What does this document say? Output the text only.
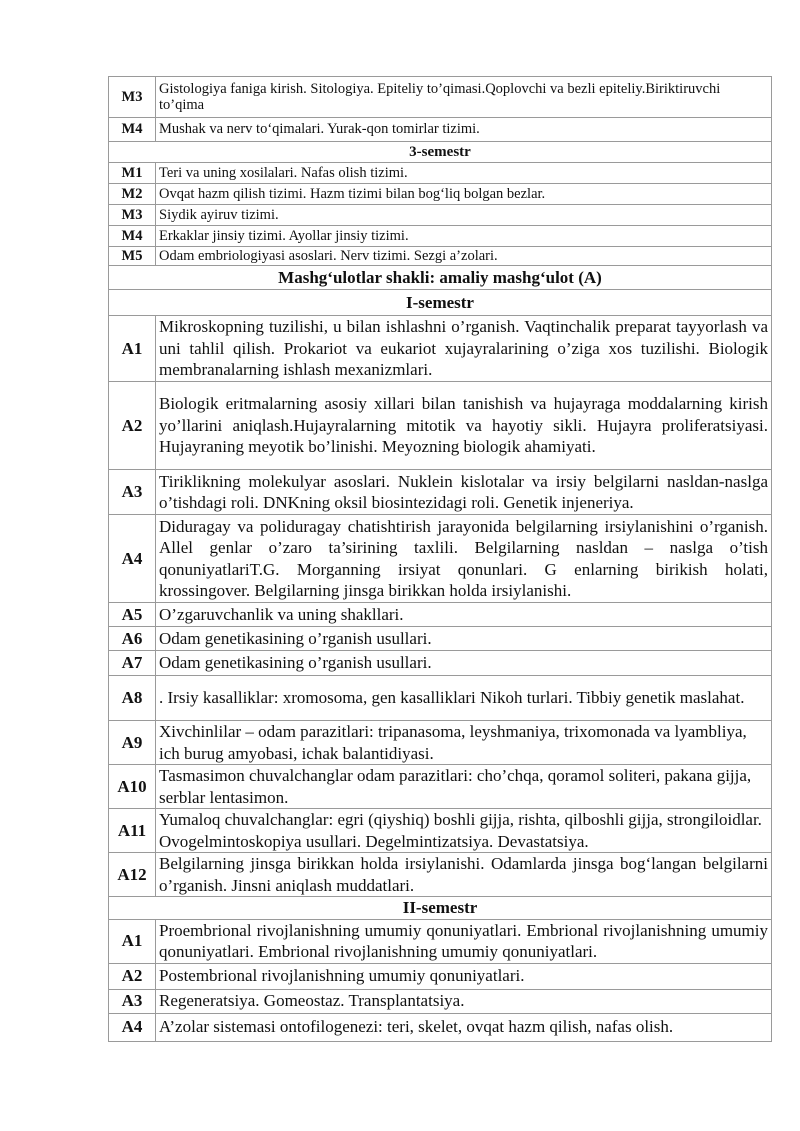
M3	Gistologiya faniga kirish. Sitologiya. Epiteliy to’qimasi.Qoplovchi va bezli epiteliy.Biriktiruvchi to’qima
M4	Mushak va nerv to‘qimalari. Yurak-qon tomirlar tizimi.
3-semestr	
M1	Teri va uning xosilalari. Nafas olish tizimi.
M2	Ovqat hazm qilish tizimi. Hazm tizimi bilan bog‘liq bolgan bezlar.
M3	Siydik ayiruv tizimi.
M4	Erkaklar jinsiy tizimi. Ayollar jinsiy tizimi.
M5	Odam embriologiyasi asoslari. Nerv tizimi. Sezgi a’zolari.
Mashg‘ulotlar shakli: amaliy mashg‘ulot (A)	
I-semestr	
A1	Mikroskopning tuzilishi, u bilan ishlashni o’rganish. Vaqtinchalik preparat tayyorlash va uni tahlil qilish. Prokariot va eukariot xujayralarining o’ziga xos tuzilishi. Biologik membranalarning ishlash mexanizmlari.
A2	Biologik eritmalarning asosiy xillari bilan tanishish va hujayraga moddalarning kirish yo’llarini aniqlash.Hujayralarning mitotik va hayotiy sikli. Hujayra proliferatsiyasi. Hujayraning meyotik bo’linishi. Meyozning biologik ahamiyati.
A3	Tiriklikning molekulyar asoslari. Nuklein kislotalar va irsiy belgilarni nasldan-naslga o’tishdagi roli. DNKning oksil biosintezidagi roli. Genetik injeneriya.
A4	Diduragay va poliduragay chatishtirish jarayonida belgilarning irsiylanishini o’rganish. Allel genlar o’zaro ta’sirining taxlili. Belgilarning nasldan – naslga o’tish qonuniyatlariT.G. Morganning irsiyat qonunlari. G enlarning birikish holati, krossingover. Belgilarning jinsga birikkan holda irsiylanishi.
A5	O’zgaruvchanlik va uning shakllari.
A6	Odam genetikasining o’rganish usullari.
A7	Odam genetikasining o’rganish usullari.
A8	. Irsiy kasalliklar: xromosoma, gen kasalliklari Nikoh turlari. Tibbiy genetik maslahat.
A9	Xivchinlilar – odam parazitlari: tripanasoma, leyshmaniya, trixomonada va lyambliya, ich burug amyobasi, ichak balantidiyasi.
A10	Tasmasimon chuvalchanglar odam parazitlari: cho’chqa, qoramol soliteri, pakana gijja, serblar lentasimon.
A11	Yumaloq chuvalchanglar: egri (qiyshiq) boshli gijja, rishta, qilboshli gijja, strongiloidlar. Ovogelmintoskopiya usullari. Degelmintizatsiya. Devastatsiya.
A12	Belgilarning jinsga birikkan holda irsiylanishi. Odamlarda jinsga bog‘langan belgilarni o’rganish. Jinsni aniqlash muddatlari.
II-semestr	
A1	Proembrional rivojlanishning umumiy qonuniyatlari. Embrional rivojlanishning umumiy qonuniyatlari. Embrional rivojlanishning umumiy qonuniyatlari.
A2	Postembrional rivojlanishning umumiy qonuniyatlari.
A3	Regeneratsiya. Gomeostaz. Transplantatsiya.
A4	A’zolar sistemasi ontofilogenezi: teri, skelet, ovqat hazm qilish, nafas olish.
